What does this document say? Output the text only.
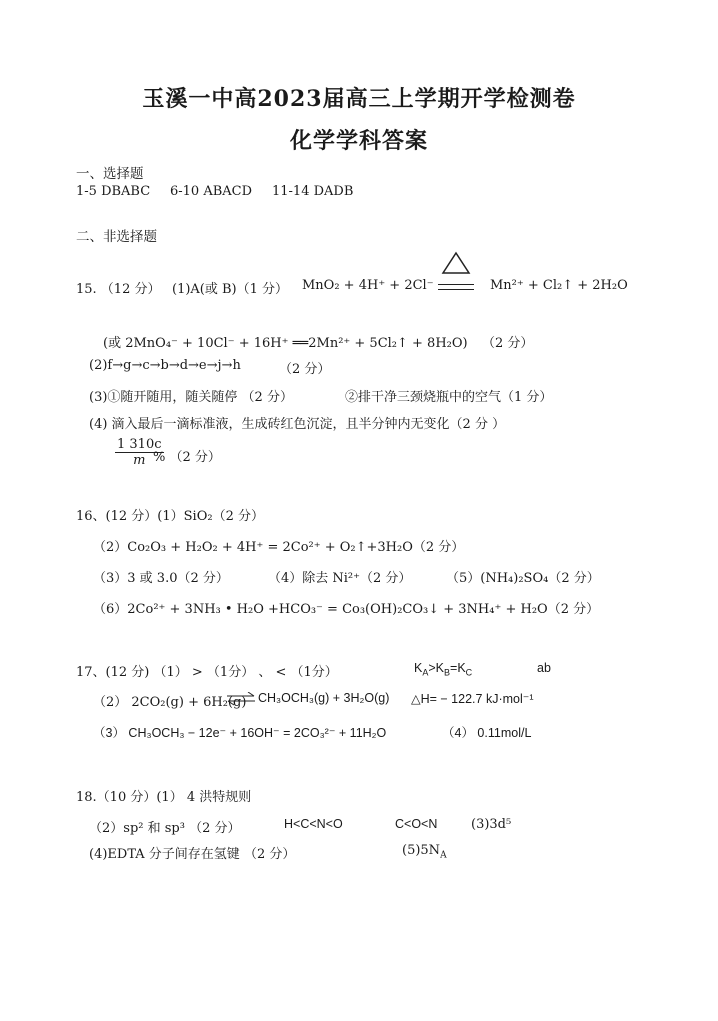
玉溪一中高2023届高三上学期开学检测卷
化学学科答案
一、选择题
1-5 DBABC 6-10 ABACD 11-14 DADB
二、非选择题
15. （12 分） (1)A(或 B)（1 分） MnO₂ + 4H⁺ + 2Cl⁻	Mn²⁺ + Cl₂↑ + 2H₂O
(或 2MnO₄⁻ + 10Cl⁻ + 16H⁺ ══2Mn²⁺ + 5Cl₂↑ + 8H₂O) （2 分）
(2)f→g→c→b→d→e→j→h	（2 分）
(3)①随开随用，随关随停 （2 分）	②排干净三颈烧瓶中的空气（1 分）
(4) 滴入最后一滴标准液，生成砖红色沉淀，且半分钟内无变化（2 分 ）
$\frac{1 310c}{m}$
% （2 分）
16、(12 分）(1）SiO₂（2 分）
（2）Co₂O₃ + H₂O₂ + 4H⁺ = 2Co²⁺ + O₂↑+3H₂O（2 分）
（3）3 或 3.0（2 分）	（4）除去 Ni²⁺（2 分）	（5）(NH₄)₂SO₄（2 分）
（6）2Co²⁺ + 3NH₃ • H₂O +HCO₃⁻ = Co₃(OH)₂CO₃↓ + 3NH₄⁺ + H₂O（2 分）
17、(12 分) （1） > （1分） 、 < （1分）	$K_A>K_B=K_C$	ab
（2） 2CO₂(g) + 6H₂(g) ⇌ CH₃OCH₃(g) + 3H₂O(g) △H= − 122.7 kJ·mol⁻¹
（3） CH₃OCH₃ − 12e⁻ + 16OH⁻ = 2CO₃²⁻ + 11H₂O	（4） 0.11mol/L
18.（10 分）(1） 4 洪特规则
（2）sp² 和 sp³ （2 分）	H<C<N<O	C<O<N	(3)3d⁵
(4)EDTA 分子间存在氢键 （2 分）	$(5)5N_A$
